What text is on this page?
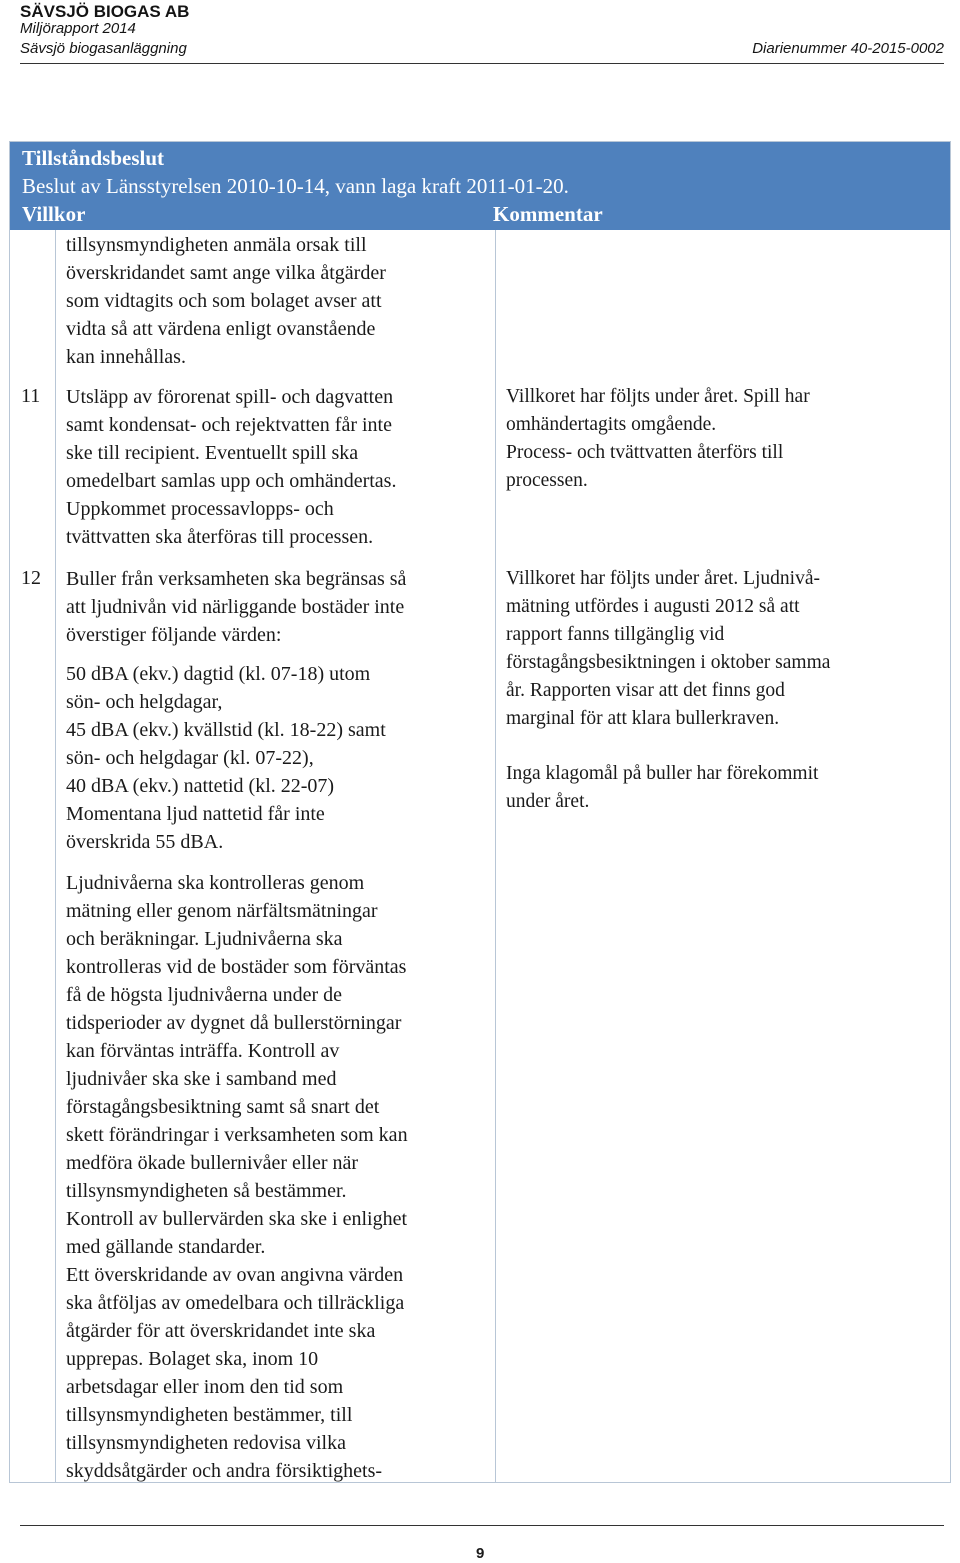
SÄVSJÖ BIOGAS AB
Miljörapport 2014
Sävsjö biogasanläggning	Diarienummer 40-2015-0002
Tillståndsbeslut
Beslut av Länsstyrelsen 2010-10-14, vann laga kraft 2011-01-20.
Villkor	Kommentar

tillsynsmyndigheten anmäla orsak till

överskridandet samt ange vilka åtgärder

som vidtagits och som bolaget avser att

vidta så att värdena enligt ovanstående

kan innehållas.

11 Utsläpp av förorenat spill- och dagvatten

samt kondensat- och rejektvatten får inte

ske till recipient. Eventuellt spill ska

omedelbart samlas upp och omhändertas.

Uppkommet processavlopps- och

tvättvatten ska återföras till processen.

Villkoret har följts under året. Spill har

omhändertagits omgående.

Process- och tvättvatten återförs till

processen.

12 Buller från verksamheten ska begränsas så

att ljudnivån vid närliggande bostäder inte

överstiger följande värden:

50 dBA (ekv.) dagtid (kl. 07-18) utom

sön- och helgdagar,

45 dBA (ekv.) kvällstid (kl. 18-22) samt

sön- och helgdagar (kl. 07-22),

40 dBA (ekv.) nattetid (kl. 22-07)

Momentana ljud nattetid får inte

överskrida 55 dBA.

Ljudnivåerna ska kontrolleras genom

mätning eller genom närfältsmätningar

och beräkningar. Ljudnivåerna ska

kontrolleras vid de bostäder som förväntas

få de högsta ljudnivåerna under de

tidsperioder av dygnet då bullerstörningar

kan förväntas inträffa. Kontroll av

ljudnivåer ska ske i samband med

förstagångsbesiktning samt så snart det

skett förändringar i verksamheten som kan

medföra ökade bullernivåer eller när

tillsynsmyndigheten så bestämmer.

Kontroll av bullervärden ska ske i enlighet

med gällande standarder.

Ett överskridande av ovan angivna värden

ska åtföljas av omedelbara och tillräckliga

åtgärder för att överskridandet inte ska

upprepas. Bolaget ska, inom 10

arbetsdagar eller inom den tid som

tillsynsmyndigheten bestämmer, till

tillsynsmyndigheten redovisa vilka

skyddsåtgärder och andra försiktighets-

Villkoret har följts under året. Ljudnivå-

mätning utfördes i augusti 2012 så att

rapport fanns tillgänglig vid

förstagångsbesiktningen i oktober samma

år. Rapporten visar att det finns god

marginal för att klara bullerkraven.

Inga klagomål på buller har förekommit

under året.

9
